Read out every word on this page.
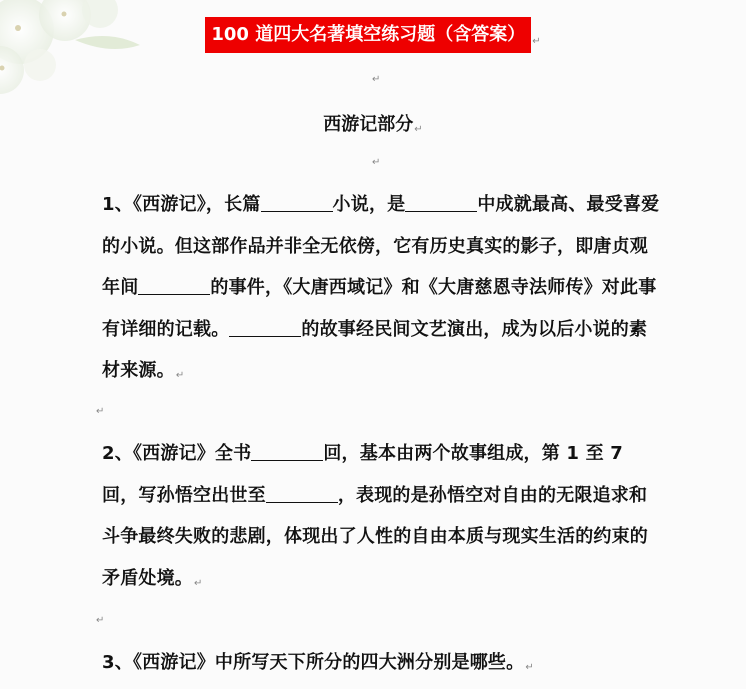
100 道四大名著填空练习题（含答案） $_↵$
↵
西游记部分↵
↵
1、《西游记》，长篇	小说，是	中成就最高、最受喜爱的小说。但这部作品并非全无依傍，它有历史真实的影子，即唐贞观年间	的事件，《大唐西域记》和《大唐慈恩寺法师传》对此事有详细的记载。	的故事经民间文艺演出，成为以后小说的素材来源。↵
↵
2、《西游记》全书	回，基本由两个故事组成，第 1 至 7 回，写孙悟空出世至	，表现的是孙悟空对自由的无限追求和斗争最终失败的悲剧，体现出了人性的自由本质与现实生活的约束的矛盾处境。↵
↵
3、《西游记》中所写天下所分的四大洲分别是哪些。↵
